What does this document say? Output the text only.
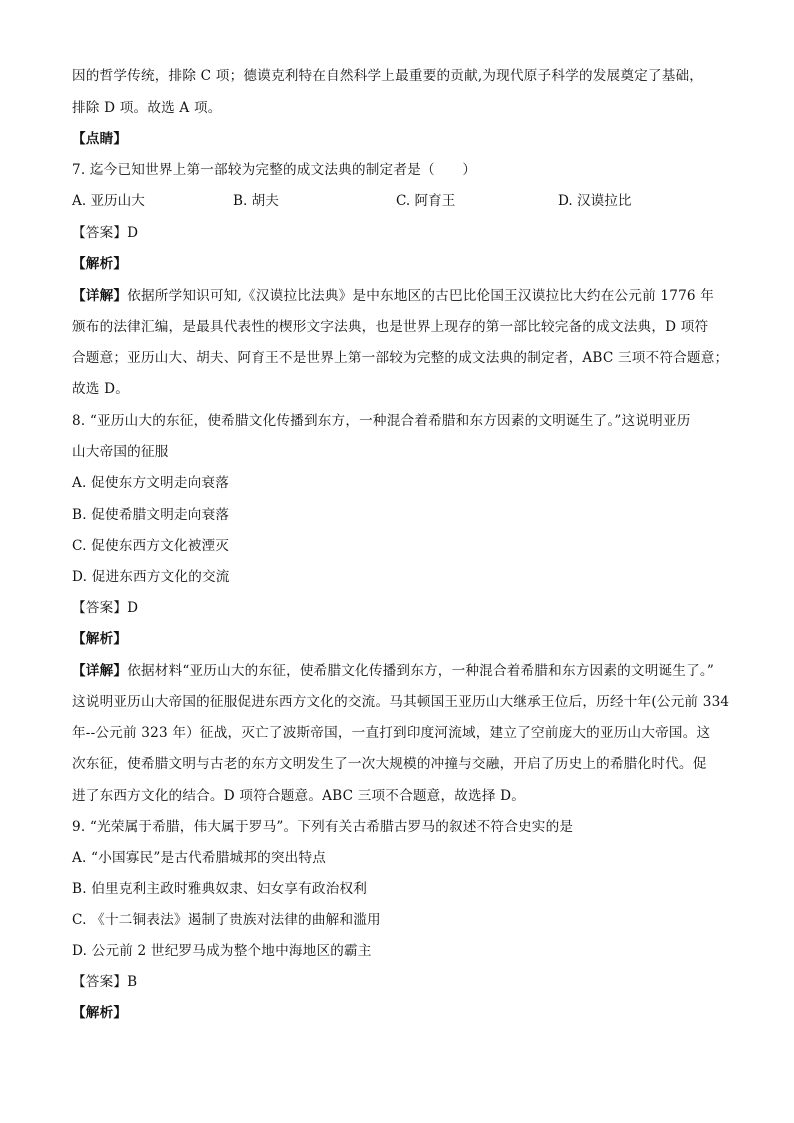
因的哲学传统，排除 C 项；德谟克利特在自然科学上最重要的贡献,为现代原子科学的发展奠定了基础，
排除 D 项。故选 A 项。
【点睛】
7. 迄今已知世界上第一部较为完整的成文法典的制定者是（　　）
A. 亚历山大	B. 胡夫	C. 阿育王	D. 汉谟拉比
【答案】D
【解析】
【详解】依据所学知识可知,《汉谟拉比法典》是中东地区的古巴比伦国王汉谟拉比大约在公元前 1776 年
颁布的法律汇编，是最具代表性的楔形文字法典，也是世界上现存的第一部比较完备的成文法典，D 项符
合题意；亚历山大、胡夫、阿育王不是世界上第一部较为完整的成文法典的制定者，ABC 三项不符合题意；
故选 D。
8. “亚历山大的东征，使希腊文化传播到东方，一种混合着希腊和东方因素的文明诞生了。”这说明亚历
山大帝国的征服
A. 促使东方文明走向衰落
B. 促使希腊文明走向衰落
C. 促使东西方文化被湮灭
D. 促进东西方文化的交流
【答案】D
【解析】
【详解】依据材料“亚历山大的东征，使希腊文化传播到东方，一种混合着希腊和东方因素的文明诞生了。”
这说明亚历山大帝国的征服促进东西方文化的交流。马其顿国王亚历山大继承王位后，历经十年(公元前 334
年--公元前 323 年）征战，灭亡了波斯帝国，一直打到印度河流域，建立了空前庞大的亚历山大帝国。这
次东征，使希腊文明与古老的东方文明发生了一次大规模的冲撞与交融，开启了历史上的希腊化时代。促
进了东西方文化的结合。D 项符合题意。ABC 三项不合题意，故选择 D。
9. “光荣属于希腊，伟大属于罗马”。下列有关古希腊古罗马的叙述不符合史实的是
A. “小国寡民”是古代希腊城邦的突出特点
B. 伯里克利主政时雅典奴隶、妇女享有政治权利
C. 《十二铜表法》遏制了贵族对法律的曲解和滥用
D. 公元前 2 世纪罗马成为整个地中海地区的霸主
【答案】B
【解析】
